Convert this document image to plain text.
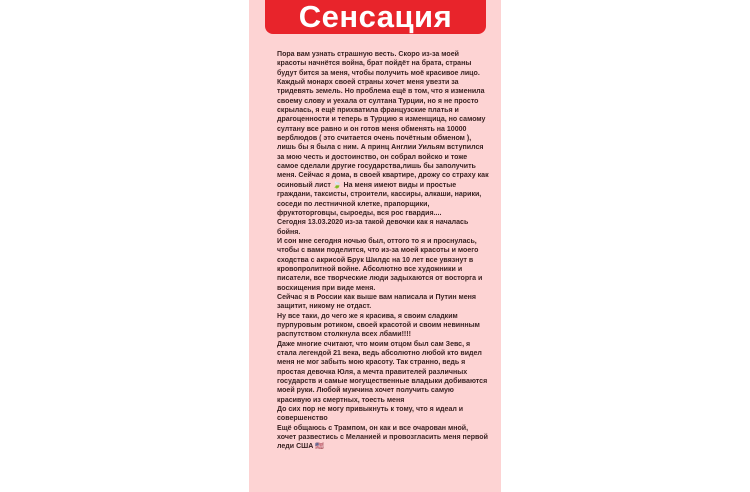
Сенсация

Пора вам узнать страшную весть. Скоро из-за моей красоты начнётся война, брат пойдёт на брата, страны будут бится за меня, чтобы получить моё красивое лицо. Каждый монарх своей страны хочет меня увезти за тридевять земель. Но проблема ещё в том, что я изменила своему слову и уехала от султана Турции, но я не просто скрылась, я ещё прихватила французские платья и драгоценности и теперь в Турцию я изменщица, но самому султану все равно и он готов меня обменять на 10000 верблюдов ( это считается очень почётным обменом ), лишь бы я была с ним. А принц Англии Уильям вступился за мою честь и достоинство, он собрал войско и тоже самое сделали другие государства,лишь бы заполучить меня. Сейчас я дома, в своей квартире, дрожу со страху как осиновый лист 🍃 На меня имеют виды и простые граждани, таксисты, строители, кассиры, алкаши, нарики, соседи по лестничной клетке, прапорщики, фруктоторговцы, сыроеды, вся рос гвардия....
Сегодня 13.03.2020 из-за такой девочки как я началась бойня.
И сон мне сегодня ночью был, оттого то я и проснулась, чтобы с вами поделится, что из-за моей красоты и моего сходства с акрисой Брук Шилдс на 10 лет все увязнут в кровопролитной войне. Абсолютно все художники и писатели, все творческие люди задыхаются от восторга и восхищения при виде меня.
Сейчас я в России как выше вам написала и Путин меня защитит, никому не отдаст.
Ну все таки, до чего же я красива, я своим сладким пурпуровым ротиком, своей красотой и своим невинным распутством столкнула всех лбами!!!!
Даже многие считают, что моим отцом был сам Зевс, я стала легендой 21 века, ведь абсолютно любой кто видел меня не мог забыть мою красоту. Так странно, ведь я простая девочка Юля, а мечта правителей различных государств и самые могущественные владыки добиваются моей руки. Любой мужчина хочет получить самую красивую из смертных, тоесть меня
До сих пор не могу привыкнуть к тому, что я идеал и совершенство
Ещё общаюсь с Трампом, он как и все очарован мной, хочет развестись с Меланией и провозгласить меня первой леди США 🇺🇸
